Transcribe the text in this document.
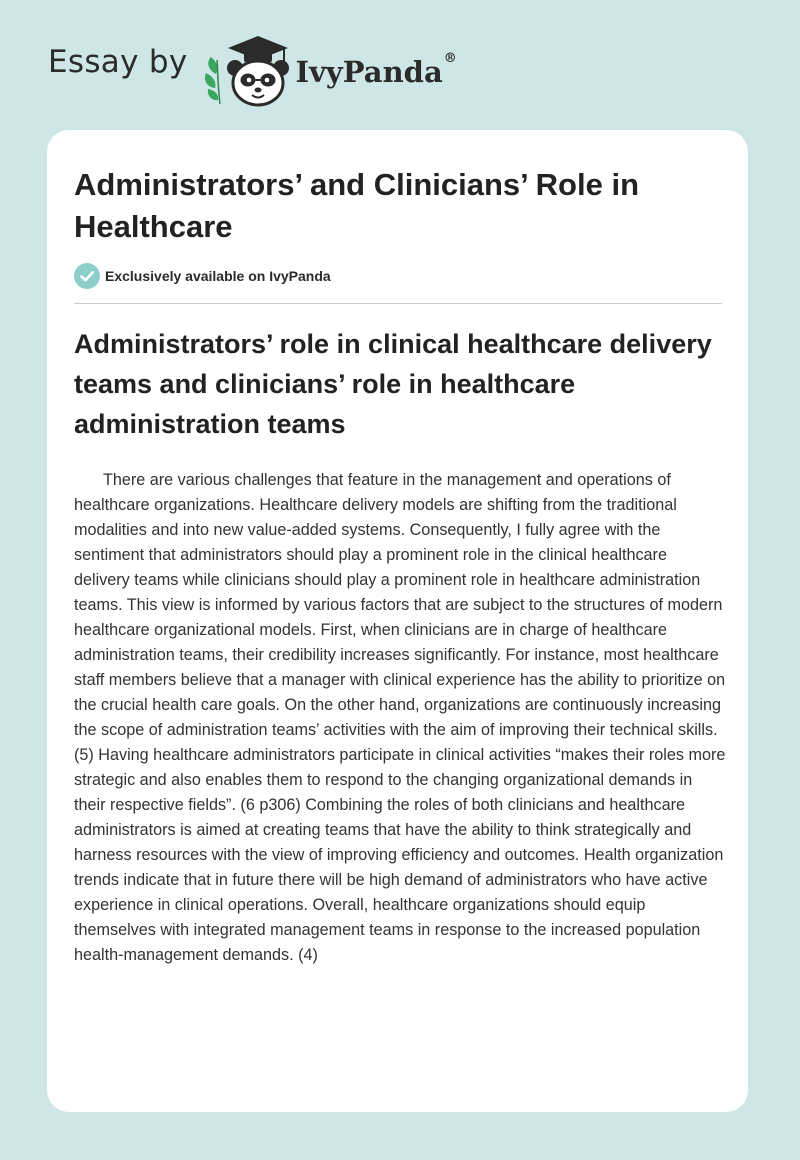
Essay by	IvyPanda®
Administrators’ and Clinicians’ Role in Healthcare
Exclusively available on IvyPanda
Administrators’ role in clinical healthcare delivery teams and clinicians’ role in healthcare administration teams

There are various challenges that feature in the management and operations of healthcare organizations. Healthcare delivery models are shifting from the traditional modalities and into new value-added systems. Consequently, I fully agree with the sentiment that administrators should play a prominent role in the clinical healthcare delivery teams while clinicians should play a prominent role in healthcare administration teams. This view is informed by various factors that are subject to the structures of modern healthcare organizational models. First, when clinicians are in charge of healthcare administration teams, their credibility increases significantly. For instance, most healthcare staff members believe that a manager with clinical experience has the ability to prioritize on the crucial health care goals. On the other hand, organizations are continuously increasing the scope of administration teams’ activities with the aim of improving their technical skills. (5) Having healthcare administrators participate in clinical activities “makes their roles more strategic and also enables them to respond to the changing organizational demands in their respective fields”. (6 p306) Combining the roles of both clinicians and healthcare administrators is aimed at creating teams that have the ability to think strategically and harness resources with the view of improving efficiency and outcomes. Health organization trends indicate that in future there will be high demand of administrators who have active experience in clinical operations. Overall, healthcare organizations should equip themselves with integrated management teams in response to the increased population health-management demands. (4)
